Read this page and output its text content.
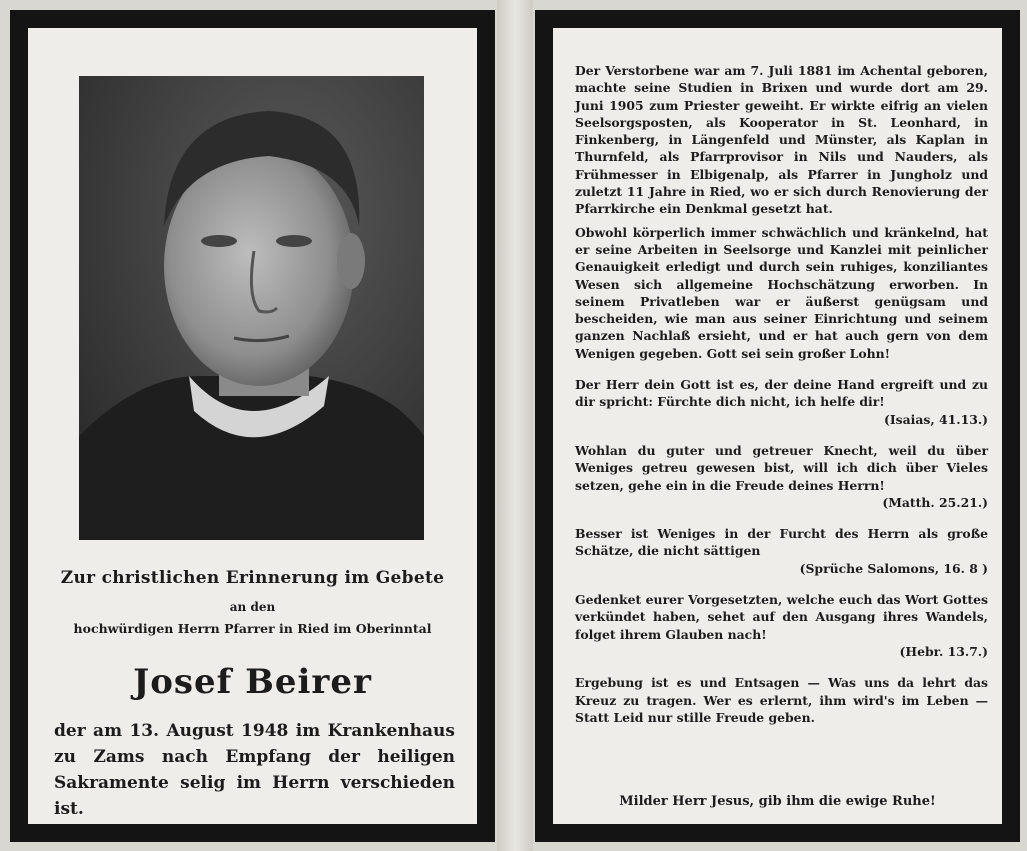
Zur christlichen Erinnerung im Gebete
an den
hochwürdigen Herrn Pfarrer in Ried im Oberinntal
Josef Beirer
der am 13. August 1948 im Krankenhaus zu Zams nach Empfang der heiligen Sakramente selig im Herrn verschieden ist.

Der Verstorbene war am 7. Juli 1881 im Achental geboren, machte seine Studien in Brixen und wurde dort am 29. Juni 1905 zum Priester geweiht. Er wirkte eifrig an vielen Seelsorgsposten, als Kooperator in St. Leonhard, in Finkenberg, in Längenfeld und Münster, als Kaplan in Thurnfeld, als Pfarrprovisor in Nils und Nauders, als Frühmesser in Elbigenalp, als Pfarrer in Jungholz und zuletzt 11 Jahre in Ried, wo er sich durch Renovierung der Pfarrkirche ein Denkmal gesetzt hat.

Obwohl körperlich immer schwächlich und kränkelnd, hat er seine Arbeiten in Seelsorge und Kanzlei mit peinlicher Genauigkeit erledigt und durch sein ruhiges, konziliantes Wesen sich allgemeine Hochschätzung erworben. In seinem Privatleben war er äußerst genügsam und bescheiden, wie man aus seiner Einrichtung und seinem ganzen Nachlaß ersieht, und er hat auch gern von dem Wenigen gegeben. Gott sei sein großer Lohn!

Der Herr dein Gott ist es, der deine Hand ergreift und zu dir spricht: Fürchte dich nicht, ich helfe dir!

(Isaias, 41.13.)

Wohlan du guter und getreuer Knecht, weil du über Weniges getreu gewesen bist, will ich dich über Vieles setzen, gehe ein in die Freude deines Herrn!

(Matth. 25.21.)

Besser ist Weniges in der Furcht des Herrn als große Schätze, die nicht sättigen

(Sprüche Salomons, 16. 8 )

Gedenket eurer Vorgesetzten, welche euch das Wort Gottes verkündet haben, sehet auf den Ausgang ihres Wandels, folget ihrem Glauben nach!

(Hebr. 13.7.)

Ergebung ist es und Entsagen — Was uns da lehrt das Kreuz zu tragen. Wer es erlernt, ihm wird's im Leben — Statt Leid nur stille Freude geben.

Milder Herr Jesus, gib ihm die ewige Ruhe!
